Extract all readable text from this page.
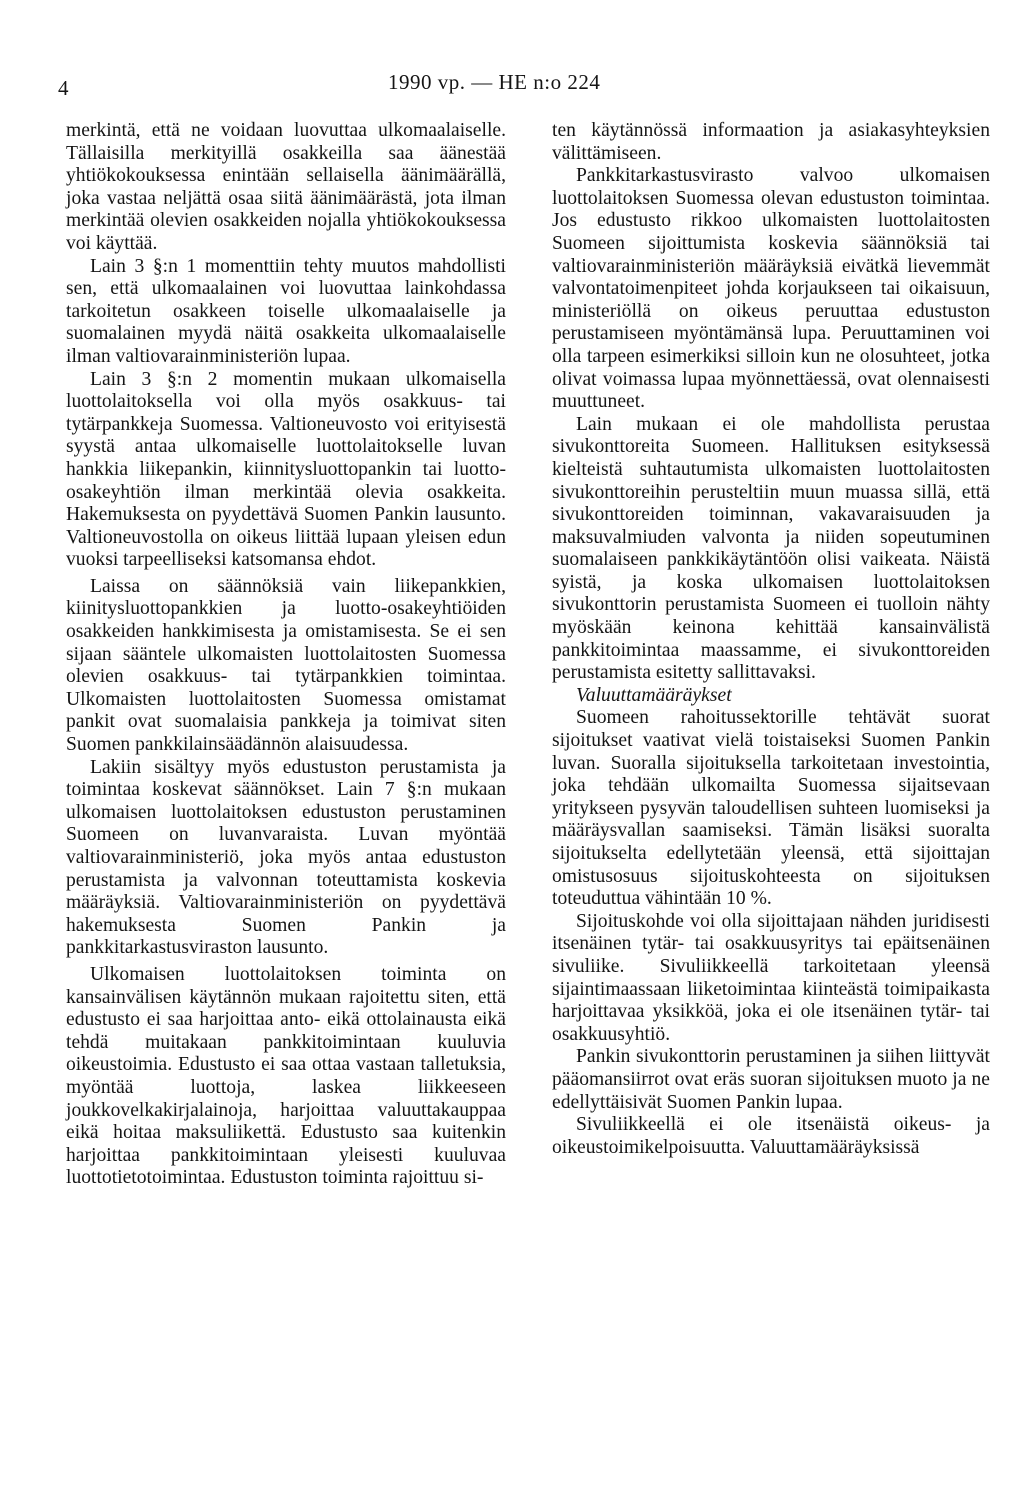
4	1990 vp. — HE n:o 224

merkintä, että ne voidaan luovuttaa ulkomaalaiselle. Tällaisilla merkityillä osakkeilla saa äänestää yhtiökokouksessa enintään sellaisella äänimäärällä, joka vastaa neljättä osaa siitä äänimäärästä, jota ilman merkintää olevien osakkeiden nojalla yhtiökokouksessa voi käyttää.

Lain 3 §:n 1 momenttiin tehty muutos mahdollisti sen, että ulkomaalainen voi luovuttaa lainkohdassa tarkoitetun osakkeen toiselle ulkomaalaiselle ja suomalainen myydä näitä osakkeita ulkomaalaiselle ilman valtiovarainministeriön lupaa.

Lain 3 §:n 2 momentin mukaan ulkomaisella luottolaitoksella voi olla myös osakkuus- tai tytärpankkeja Suomessa. Valtioneuvosto voi erityisestä syystä antaa ulkomaiselle luottolaitokselle luvan hankkia liikepankin, kiinnitysluottopankin tai luotto-osakeyhtiön ilman merkintää olevia osakkeita. Hakemuksesta on pyydettävä Suomen Pankin lausunto. Valtioneuvostolla on oikeus liittää lupaan yleisen edun vuoksi tarpeelliseksi katsomansa ehdot.

Laissa on säännöksiä vain liikepankkien, kiinitysluottopankkien ja luotto-osakeyhtiöiden osakkeiden hankkimisesta ja omistamisesta. Se ei sen sijaan sääntele ulkomaisten luottolaitosten Suomessa olevien osakkuus- tai tytärpankkien toimintaa. Ulkomaisten luottolaitosten Suomessa omistamat pankit ovat suomalaisia pankkeja ja toimivat siten Suomen pankkilainsäädännön alaisuudessa.

Lakiin sisältyy myös edustuston perustamista ja toimintaa koskevat säännökset. Lain 7 §:n mukaan ulkomaisen luottolaitoksen edustuston perustaminen Suomeen on luvanvaraista. Luvan myöntää valtiovarainministeriö, joka myös antaa edustuston perustamista ja valvonnan toteuttamista koskevia määräyksiä. Valtiovarainministeriön on pyydettävä hakemuksesta Suomen Pankin ja pankkitarkastusviraston lausunto.

Ulkomaisen luottolaitoksen toiminta on kansainvälisen käytännön mukaan rajoitettu siten, että edustusto ei saa harjoittaa anto- eikä ottolainausta eikä tehdä muitakaan pankkitoimintaan kuuluvia oikeustoimia. Edustusto ei saa ottaa vastaan talletuksia, myöntää luottoja, laskea liikkeeseen joukkovelkakirjalainoja, harjoittaa valuuttakauppaa eikä hoitaa maksuliikettä. Edustusto saa kuitenkin harjoittaa pankkitoimintaan yleisesti kuuluvaa luottotietotoimintaa. Edustuston toiminta rajoittuu si-

ten käytännössä informaation ja asiakasyhteyksien välittämiseen.

Pankkitarkastusvirasto valvoo ulkomaisen luottolaitoksen Suomessa olevan edustuston toimintaa. Jos edustusto rikkoo ulkomaisten luottolaitosten Suomeen sijoittumista koskevia säännöksiä tai valtiovarainministeriön määräyksiä eivätkä lievemmät valvontatoimenpiteet johda korjaukseen tai oikaisuun, ministeriöllä on oikeus peruuttaa edustuston perustamiseen myöntämänsä lupa. Peruuttaminen voi olla tarpeen esimerkiksi silloin kun ne olosuhteet, jotka olivat voimassa lupaa myönnettäessä, ovat olennaisesti muuttuneet.

Lain mukaan ei ole mahdollista perustaa sivukonttoreita Suomeen. Hallituksen esityksessä kielteistä suhtautumista ulkomaisten luottolaitosten sivukonttoreihin perusteltiin muun muassa sillä, että sivukonttoreiden toiminnan, vakavaraisuuden ja maksuvalmiuden valvonta ja niiden sopeutuminen suomalaiseen pankkikäytäntöön olisi vaikeata. Näistä syistä, ja koska ulkomaisen luottolaitoksen sivukonttorin perustamista Suomeen ei tuolloin nähty myöskään keinona kehittää kansainvälistä pankkitoimintaa maassamme, ei sivukonttoreiden perustamista esitetty sallittavaksi.

Valuuttamääräykset

Suomeen rahoitussektorille tehtävät suorat sijoitukset vaativat vielä toistaiseksi Suomen Pankin luvan. Suoralla sijoituksella tarkoitetaan investointia, joka tehdään ulkomailta Suomessa sijaitsevaan yritykseen pysyvän taloudellisen suhteen luomiseksi ja määräysvallan saamiseksi. Tämän lisäksi suoralta sijoitukselta edellytetään yleensä, että sijoittajan omistusosuus sijoituskohteesta on sijoituksen toteuduttua vähintään 10 %.

Sijoituskohde voi olla sijoittajaan nähden juridisesti itsenäinen tytär- tai osakkuusyritys tai epäitsenäinen sivuliike. Sivuliikkeellä tarkoitetaan yleensä sijaintimaassaan liiketoimintaa kiinteästä toimipaikasta harjoittavaa yksikköä, joka ei ole itsenäinen tytär- tai osakkuusyhtiö.

Pankin sivukonttorin perustaminen ja siihen liittyvät pääomansiirrot ovat eräs suoran sijoituksen muoto ja ne edellyttäisivät Suomen Pankin lupaa.

Sivuliikkeellä ei ole itsenäistä oikeus- ja oikeustoimikelpoisuutta. Valuuttamääräyksissä
